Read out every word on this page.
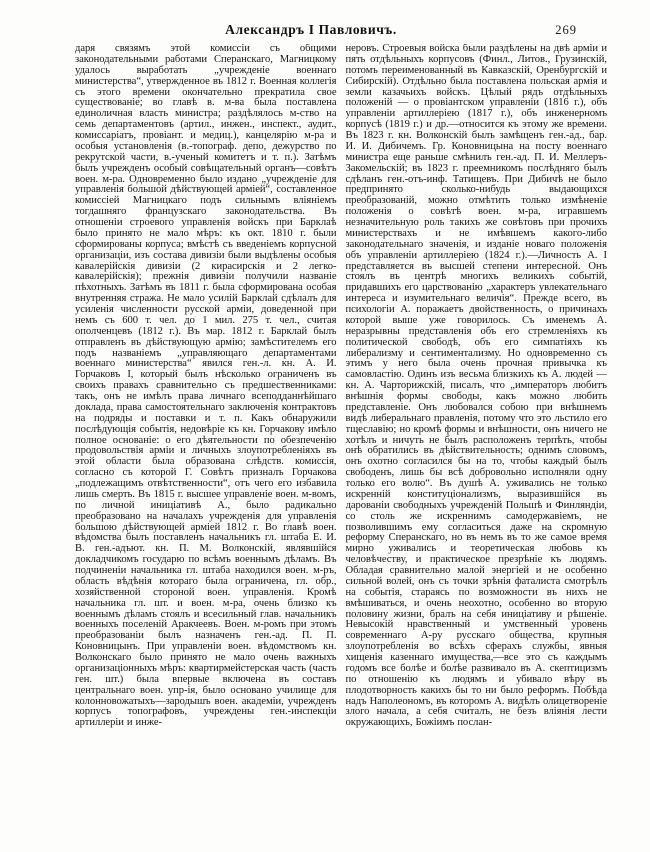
Александръ I Павловичъ.	269
даря связямъ этой комиссіи съ общими законодательными работами Сперанскаго, Магницкому удалось выработать „учрежденіе военнаго министерства“, утвержденное въ 1812 г. Военная коллегія съ этого времени окончательно прекратила свое существованіе; во главѣ в. м-ва была поставлена единоличная власть министра; раздѣлялось м-ство на семь департаментовъ (артил., инжен., инспект., аудит., комиссаріатъ, провіант. и медиц.), канцелярію м-ра и особыя установленія (в.-топограф. депо, дежурство по рекрутской части, в.-ученый комитетъ и т. п.). Затѣмъ былъ учрежденъ особый совѣщательный органъ—совѣтъ воен. м-ра. Одновременно было издано „учрежденіе для управленія большой дѣйствующей арміей“, составленное комиссіей Магницкаго подъ сильнымъ вліяніемъ тогдашняго французскаго законодательства. Въ отношеніи строевого управленія войскъ при Барклаѣ было принято не мало мѣръ: къ окт. 1810 г. были сформированы корпуса; вмѣстѣ съ введеніемъ корпусной организаціи, изъ состава дивизіи были выдѣлены особыя кавалерійскія дивизіи (2 кирасирскія и 2 легко-кавалерійскія); прежнія дивизіи получили названіе пѣхотныхъ. Затѣмъ въ 1811 г. была сформирована особая внутренняя стража. Не мало усилій Барклай сдѣлалъ для усиленія численности русской арміи, доведенной при немъ съ 600 т. чел. до 1 мил. 275 т. чел., считая ополченцевъ (1812 г.). Въ мар. 1812 г. Барклай былъ отправленъ въ дѣйствующую армію; замѣстителемъ его подъ названіемъ „управляющаго департаментами военнаго министерства“ явился ген.-л. кн. А. И. Горчаковъ I, который былъ нѣсколько ограниченъ въ своихъ правахъ сравнительно съ предшественниками: такъ, онъ не имѣлъ права личнаго всеподданнѣйшаго доклада, права самостоятельнаго заключенія контрактовъ на подряды и поставки и т. п. Какъ обнаружили послѣдующія событія, недовѣріе къ кн. Горчакову имѣло полное основаніе: о его дѣятельности по обезпеченію продовольствія арміи и личныхъ злоупотребленіяхъ въ этой области была образована слѣдств. комиссія, согласно съ которой Г. Совѣтъ призналъ Горчакова „подлежащимъ отвѣтственности“, отъ чего его избавила лишь смерть. Въ 1815 г. высшее управленіе воен. м-вомъ, по личной иниціативѣ А., было радикально преобразовано на началахъ учрежденія для управленія большою дѣйствующей арміей 1812 г. Во главѣ воен. вѣдомства былъ поставленъ начальникъ гл. штаба Е. И. В. ген.-адъют. кн. П. М. Волконскій, являвшійся докладчикомъ государю по всѣмъ военнымъ дѣламъ. Въ подчиненіи начальника гл. штаба находился воен. м-ръ, область вѣдѣнія котораго была ограничена, гл. обр., хозяйственной стороной воен. управленія. Кромѣ начальника гл. шт. и воен. м-ра, очень близко къ военнымъ дѣламъ стоялъ и всесильный глав. начальникъ военныхъ поселеній Аракчеевъ. Воен. м-ромъ при этомъ преобразованіи былъ назначенъ ген.-ад. П. П. Коновницынъ. При управленіи воен. вѣдомствомъ кн. Волконскаго было принято не мало очень важныхъ организаціонныхъ мѣръ: квартирмейстерская часть (часть ген. шт.) была впервые включена въ составъ центральнаго воен. упр-ія, было основано училище для колонновожатыхъ—зародышъ воен. академіи, учрежденъ корпусъ топографовъ, учреждены ген.-инспекціи артиллеріи и инже-
неровъ. Строевыя войска были раздѣлены на двѣ арміи и пять отдѣльныхъ корпусовъ (Финл., Литов., Грузинскій, потомъ переименованный въ Кавказскій, Оренбургскій и Сибирскій). Отдѣльно была поставлена польская армія и земли казачьихъ войскъ. Цѣлый рядъ отдѣльныхъ положеній — о провіантском управленіи (1816 г.), объ управленіи артиллеріею (1817 г.), объ инженерномъ корпусѣ (1819 г.) и др.—относится къ этому же времени. Въ 1823 г. кн. Волконскій былъ замѣщенъ ген.-ад., бар. И. И. Дибичемъ. Гр. Коновницына на посту военнаго министра еще раньше смѣнилъ ген.-ад. П. И. Меллеръ-Закомельскій; въ 1823 г. преемникомъ послѣдняго былъ сдѣланъ ген.-отъ-инф. Татищевъ. При Дибичѣ не было предпринято сколько-нибудь выдающихся преобразованій, можно отмѣтить только измѣненіе положенія о совѣтѣ воен. м-ра, игравшемъ незначительную роль такихъ же совѣтовъ при прочихъ министерствахъ и не имѣвшемъ какого-либо законодательнаго значенія, и изданіе новаго положенія объ управленіи артиллеріею (1824 г.).—Личность А. I представляется въ высшей степени интересной. Онъ стоялъ въ центрѣ многихъ великихъ событій, придавшихъ его царствованію „характеръ увлекательнаго интереса и изумительнаго величія“. Прежде всего, въ психологіи А. поражаетъ двойственность, о причинахъ которой выше уже говорилось. Съ именемъ А. неразрывны представленія объ его стремленіяхъ къ политической свободѣ, объ его симпатіяхъ къ либерализму и сентиментализму. Но одновременно съ этимъ у него была очень прочная привычка къ самовластію. Одинъ изъ весьма близкихъ къ А. людей — кн. А. Чарторижскій, писалъ, что „императоръ любитъ внѣшнія формы свободы, какъ можно любить представленіе. Онъ любовался собою при внѣшнемъ видѣ либеральнаго правленія, потому что это льстило его тщеславію; но кромѣ формы и внѣшности, онъ ничего не хотѣлъ и ничуть не былъ расположенъ терпѣть, чтобы онѣ обратились въ дѣйствительность; однимъ словомъ, онъ охотно согласился бы на то, чтобы каждый былъ свободенъ, лишь бы всѣ добровольно исполняли одну только его волю“. Въ душѣ А. уживались не только искренній конституціонализмъ, выразившійся въ дарованіи свободныхъ учрежденій Польшѣ и Финляндіи, со столь же искреннимъ самодержавіемъ, не позволившимъ ему согласиться даже на скромную реформу Сперанскаго, но въ немъ въ то же самое время мирно уживались и теоретическая любовь къ человѣчеству, и практическое презрѣніе къ людямъ. Обладая сравнительно малой энергіей и не особенно сильной волей, онъ съ точки зрѣнія фаталиста смотрѣлъ на событія, стараясь по возможности въ нихъ не вмѣшиваться, и очень неохотно, особенно во вторую половину жизни, бралъ на себя иниціативу и рѣшеніе. Невысокій нравственный и умственный уровень современнаго А-ру русскаго общества, крупныя злоупотребленія во всѣхъ сферахъ службы, явныя хищенія казеннаго имущества,—все это съ каждымъ годомъ все болѣе и болѣе развивало въ А. скептицизмъ по отношенію къ людямъ и убивало вѣру въ плодотворность какихъ бы то ни было реформъ. Побѣда надъ Наполеономъ, въ которомъ А. видѣлъ олицетвореніе злого начала, а себя считалъ, не безъ вліянія лести окружающихъ, Божіимъ послан-
